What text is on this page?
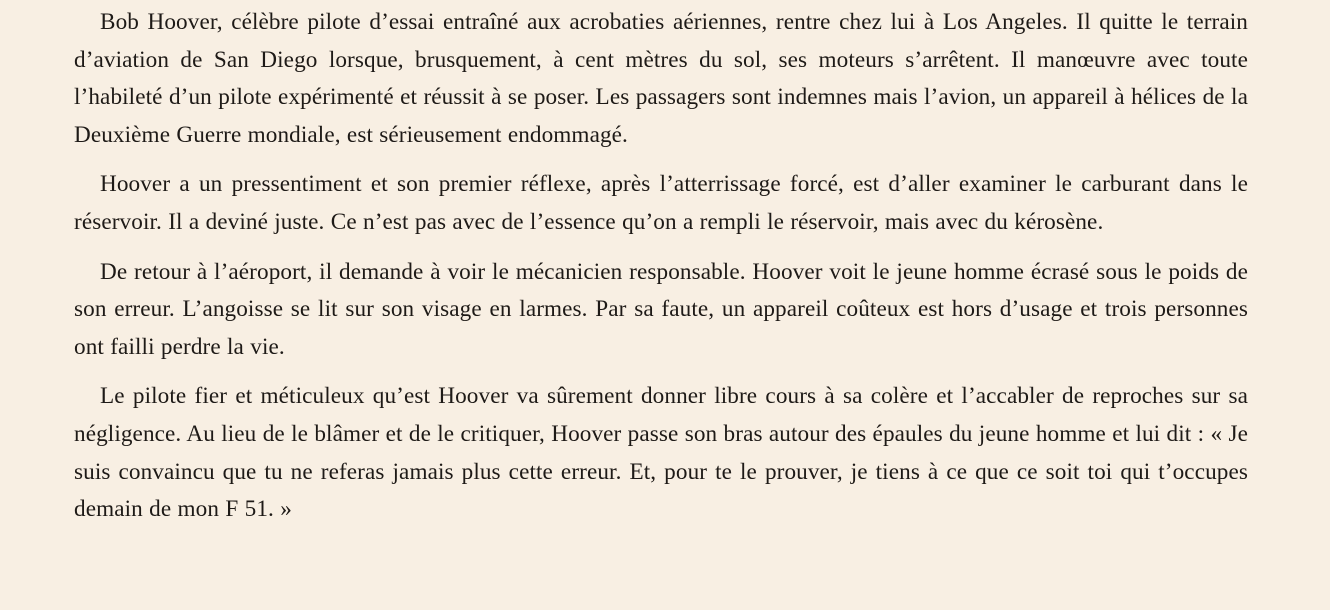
Bob Hoover, célèbre pilote d’essai entraîné aux acrobaties aériennes, rentre chez lui à Los Angeles. Il quitte le terrain d’aviation de San Diego lorsque, brusquement, à cent mètres du sol, ses moteurs s’arrêtent. Il manœuvre avec toute l’habileté d’un pilote expérimenté et réussit à se poser. Les passagers sont indemnes mais l’avion, un appareil à hélices de la Deuxième Guerre mondiale, est sérieusement endommagé.

Hoover a un pressentiment et son premier réflexe, après l’atterrissage forcé, est d’aller examiner le carburant dans le réservoir. Il a deviné juste. Ce n’est pas avec de l’essence qu’on a rempli le réservoir, mais avec du kérosène.

De retour à l’aéroport, il demande à voir le mécanicien responsable. Hoover voit le jeune homme écrasé sous le poids de son erreur. L’angoisse se lit sur son visage en larmes. Par sa faute, un appareil coûteux est hors d’usage et trois personnes ont failli perdre la vie.

Le pilote fier et méticuleux qu’est Hoover va sûrement donner libre cours à sa colère et l’accabler de reproches sur sa négligence. Au lieu de le blâmer et de le critiquer, Hoover passe son bras autour des épaules du jeune homme et lui dit : « Je suis convaincu que tu ne referas jamais plus cette erreur. Et, pour te le prouver, je tiens à ce que ce soit toi qui t’occupes demain de mon F 51. »
